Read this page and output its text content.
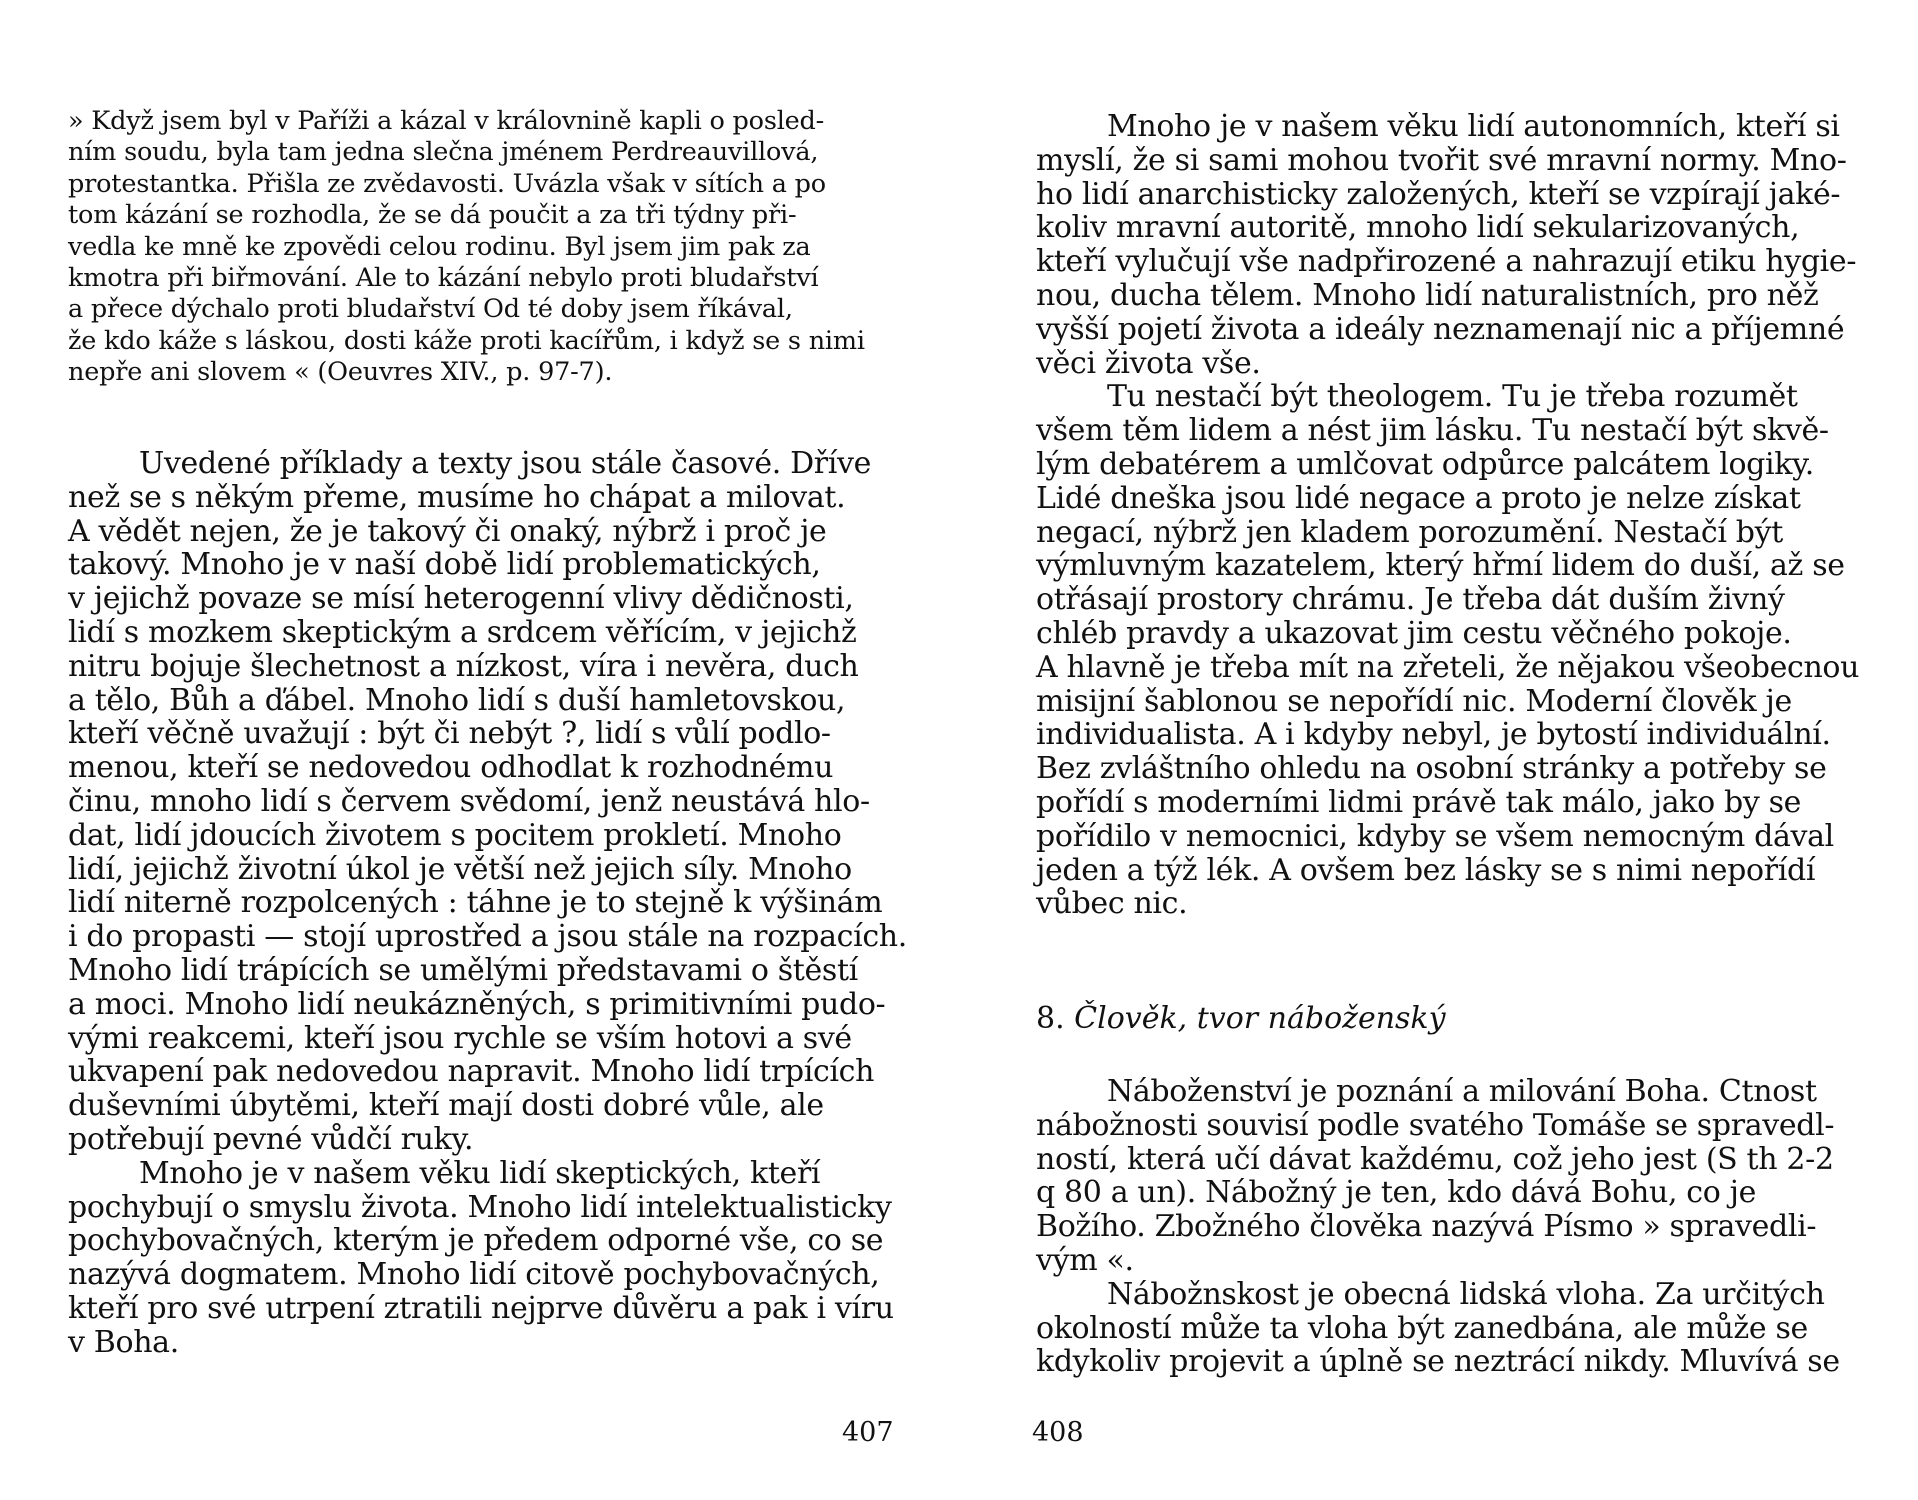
» Když jsem byl v Paříži a kázal v královnině kapli o posled-
ním soudu, byla tam jedna slečna jménem Perdreauvillová,
protestantka. Přišla ze zvědavosti. Uvázla však v sítích a po
tom kázání se rozhodla, že se dá poučit a za tři týdny při-
vedla ke mně ke zpovědi celou rodinu. Byl jsem jim pak za
kmotra při biřmování. Ale to kázání nebylo proti bludařství
a přece dýchalo proti bludařství Od té doby jsem říkával,
že kdo káže s láskou, dosti káže proti kacířům, i když se s nimi
nepře ani slovem « (Oeuvres XIV., p. 97-7).

Uvedené příklady a texty jsou stále časové. Dříve
než se s někým přeme, musíme ho chápat a milovat.
A vědět nejen, že je takový či onaký, nýbrž i proč je
takový. Mnoho je v naší době lidí problematických,
v jejichž povaze se mísí heterogenní vlivy dědičnosti,
lidí s mozkem skeptickým a srdcem věřícím, v jejichž
nitru bojuje šlechetnost a nízkost, víra i nevěra, duch
a tělo, Bůh a ďábel. Mnoho lidí s duší hamletovskou,
kteří věčně uvažují : být či nebýt ?, lidí s vůlí podlo-
menou, kteří se nedovedou odhodlat k rozhodnému
činu, mnoho lidí s červem svědomí, jenž neustává hlo-
dat, lidí jdoucích životem s pocitem prokletí. Mnoho
lidí, jejichž životní úkol je větší než jejich síly. Mnoho
lidí niterně rozpolcených : táhne je to stejně k výšinám
i do propasti — stojí uprostřed a jsou stále na rozpacích.
Mnoho lidí trápících se umělými představami o štěstí
a moci. Mnoho lidí neukázněných, s primitivními pudo-
vými reakcemi, kteří jsou rychle se vším hotovi a své
ukvapení pak nedovedou napravit. Mnoho lidí trpících
duševními úbytěmi, kteří mají dosti dobré vůle, ale
potřebují pevné vůdčí ruky.
Mnoho je v našem věku lidí skeptických, kteří
pochybují o smyslu života. Mnoho lidí intelektualisticky
pochybovačných, kterým je předem odporné vše, co se
nazývá dogmatem. Mnoho lidí citově pochybovačných,
kteří pro své utrpení ztratili nejprve důvěru a pak i víru
v Boha.

407

Mnoho je v našem věku lidí autonomních, kteří si
myslí, že si sami mohou tvořit své mravní normy. Mno-
ho lidí anarchisticky založených, kteří se vzpírají jaké-
koliv mravní autoritě, mnoho lidí sekularizovaných,
kteří vylučují vše nadpřirozené a nahrazují etiku hygie-
nou, ducha tělem. Mnoho lidí naturalistních, pro něž
vyšší pojetí života a ideály neznamenají nic a příjemné
věci života vše.
Tu nestačí být theologem. Tu je třeba rozumět
všem těm lidem a nést jim lásku. Tu nestačí být skvě-
lým debatérem a umlčovat odpůrce palcátem logiky.
Lidé dneška jsou lidé negace a proto je nelze získat
negací, nýbrž jen kladem porozumění. Nestačí být
výmluvným kazatelem, který hřmí lidem do duší, až se
otřásají prostory chrámu. Je třeba dát duším živný
chléb pravdy a ukazovat jim cestu věčného pokoje.
A hlavně je třeba mít na zřeteli, že nějakou všeobecnou
misijní šablonou se nepořídí nic. Moderní člověk je
individualista. A i kdyby nebyl, je bytostí individuální.
Bez zvláštního ohledu na osobní stránky a potřeby se
pořídí s moderními lidmi právě tak málo, jako by se
pořídilo v nemocnici, kdyby se všem nemocným dával
jeden a týž lék. A ovšem bez lásky se s nimi nepořídí
vůbec nic.

8. Člověk, tvor náboženský

Náboženství je poznání a milování Boha. Ctnost
nábožnosti souvisí podle svatého Tomáše se spravedl-
ností, která učí dávat každému, což jeho jest (S th 2-2
q 80 a un). Nábožný je ten, kdo dává Bohu, co je
Božího. Zbožného člověka nazývá Písmo » spravedli-
vým «.
Nábožnskost je obecná lidská vloha. Za určitých
okolností může ta vloha být zanedbána, ale může se
kdykoliv projevit a úplně se neztrácí nikdy. Mluvívá se

408
